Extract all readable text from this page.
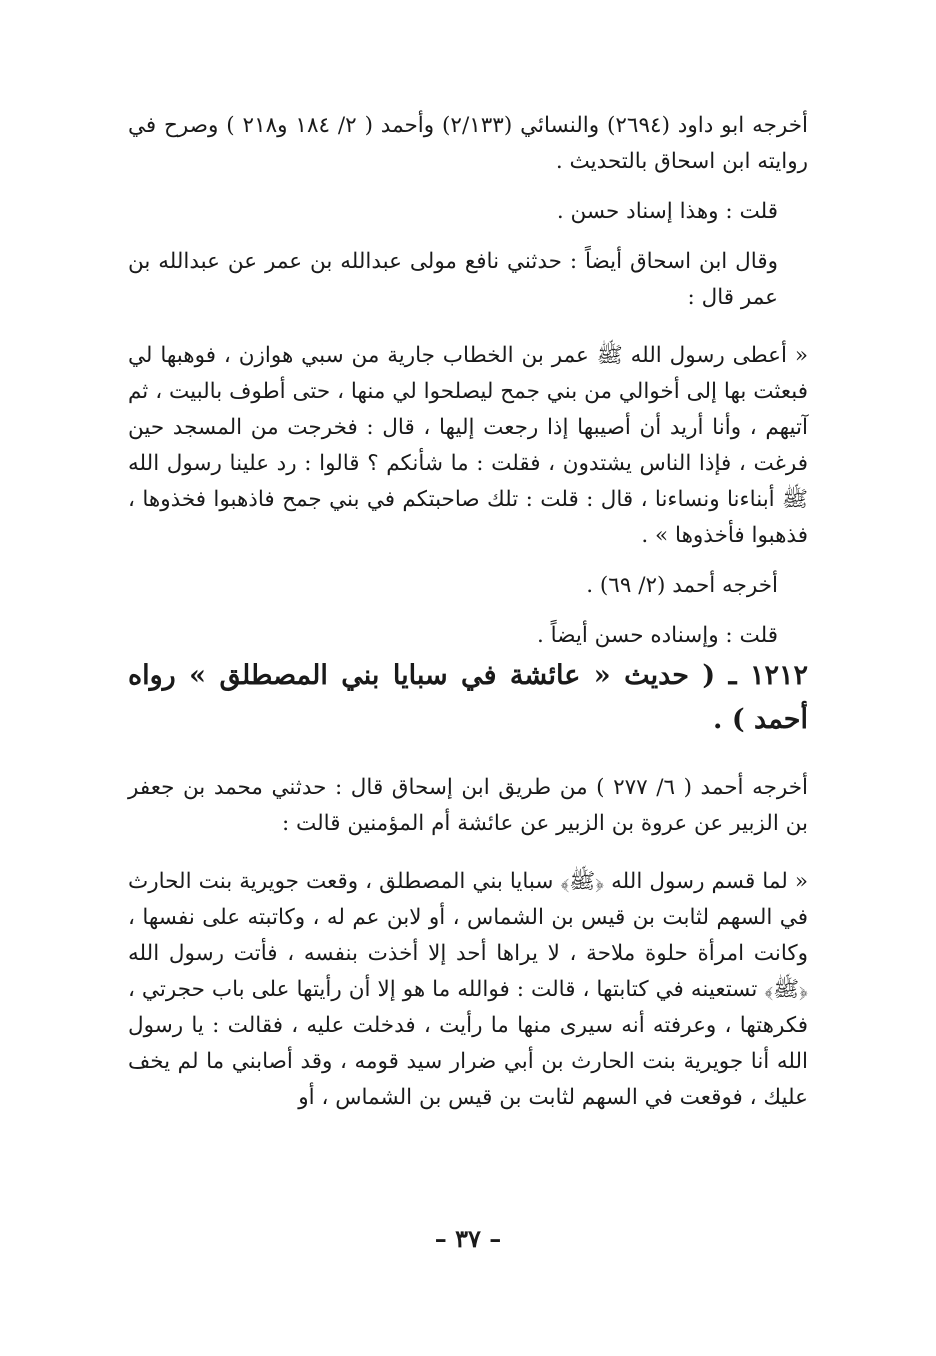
أخرجه ابو داود (٢٦٩٤) والنسائي (٢/١٣٣) وأحمد ( ٢/ ١٨٤ و٢١٨ ) وصرح في روايته ابن اسحاق بالتحديث .

قلت : وهذا إسناد حسن .

وقال ابن اسحاق أيضاً : حدثني نافع مولى عبدالله بن عمر عن عبدالله بن عمر قال :

« أعطى رسول الله ﷺ عمر بن الخطاب جارية من سبي هوازن ، فوهبها لي فبعثت بها إلى أخوالي من بني جمح ليصلحوا لي منها ، حتى أطوف بالبيت ، ثم آتيهم ، وأنا أريد أن أصيبها إذا رجعت إليها ، قال : فخرجت من المسجد حين فرغت ، فإذا الناس يشتدون ، فقلت : ما شأنكم ؟ قالوا : رد علينا رسول الله ﷺ أبناءنا ونساءنا ، قال : قلت : تلك صاحبتكم في بني جمح فاذهبوا فخذوها ، فذهبوا فأخذوها » .

أخرجه أحمد (٢/ ٦٩) .

قلت : وإسناده حسن أيضاً .

١٢١٢ ـ ( حديث « عائشة في سبايا بني المصطلق » رواه أحمد ) .

أخرجه أحمد ( ٦/ ٢٧٧ ) من طريق ابن إسحاق قال : حدثني محمد بن جعفر بن الزبير عن عروة بن الزبير عن عائشة أم المؤمنين قالت :

« لما قسم رسول الله ﴿ﷺ﴾ سبايا بني المصطلق ، وقعت جويرية بنت الحارث في السهم لثابت بن قيس بن الشماس ، أو لابن عم له ، وكاتبته على نفسها ، وكانت امرأة حلوة ملاحة ، لا يراها أحد إلا أخذت بنفسه ، فأتت رسول الله ﴿ﷺ﴾ تستعينه في كتابتها ، قالت : فوالله ما هو إلا أن رأيتها على باب حجرتي ، فكرهتها ، وعرفته أنه سيرى منها ما رأيت ، فدخلت عليه ، فقالت : يا رسول الله أنا جويرية بنت الحارث بن أبي ضرار سيد قومه ، وقد أصابني ما لم يخف عليك ، فوقعت في السهم لثابت بن قيس بن الشماس ، أو

– ٣٧ –
